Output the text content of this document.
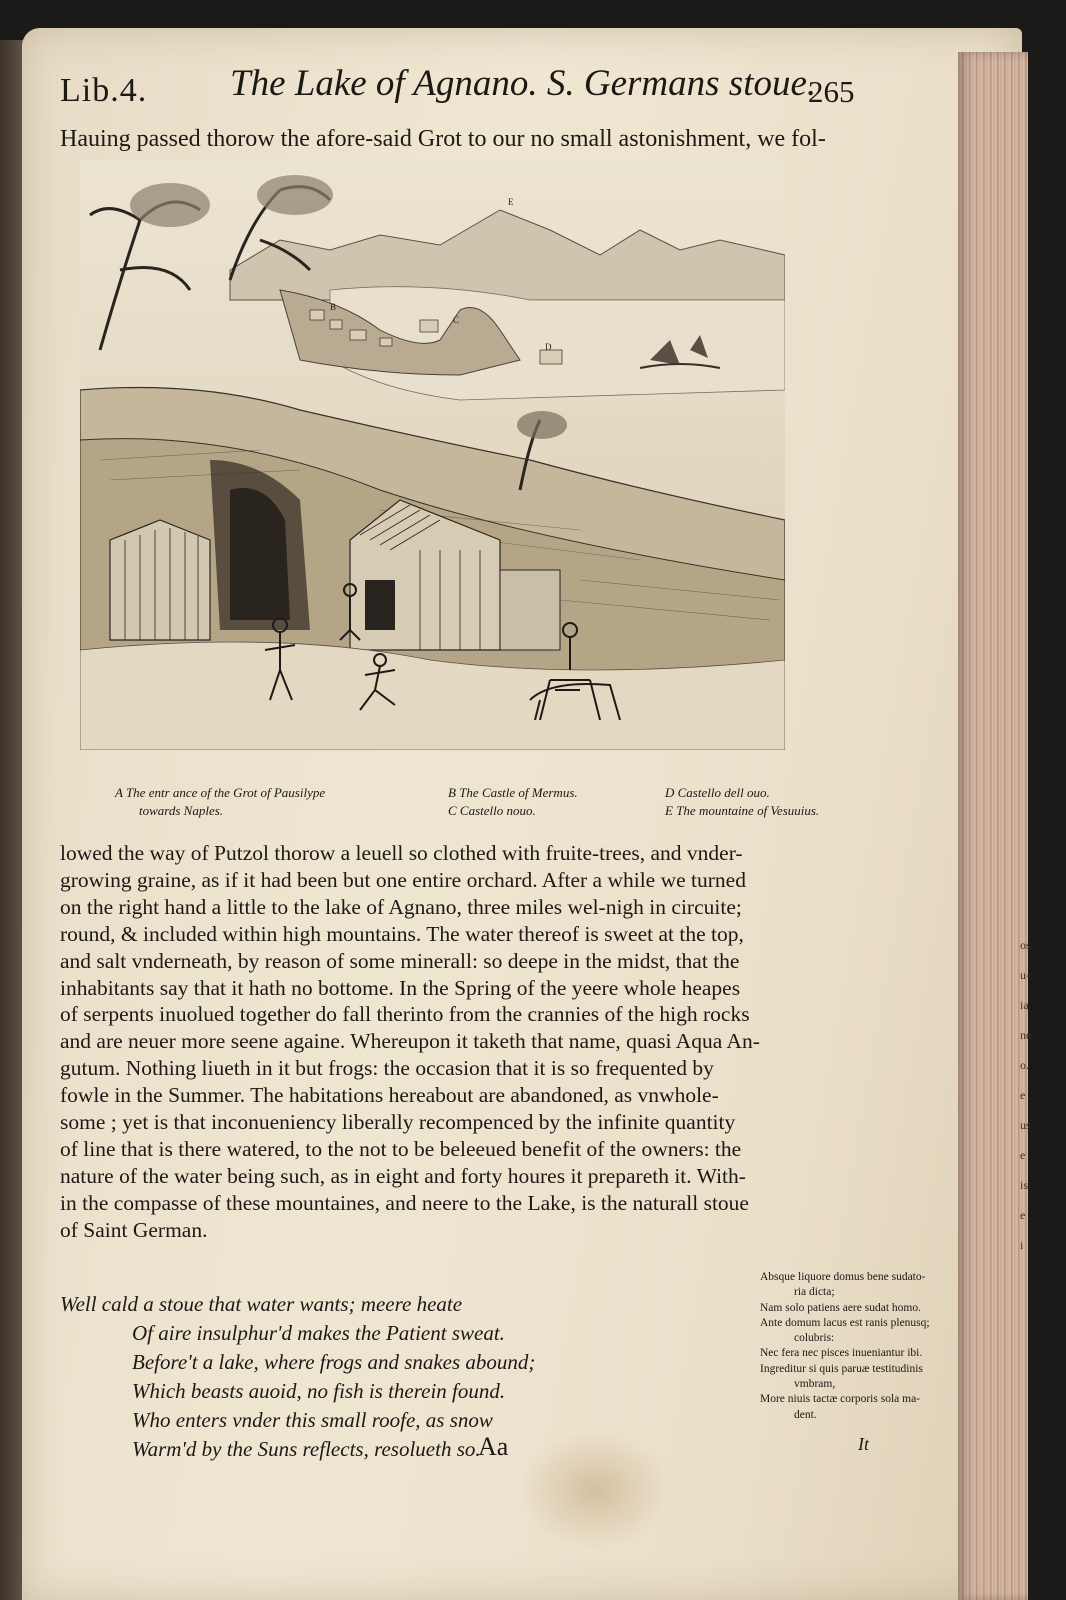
Lib.4. The Lake of Agnano. S. Germans stoue.
265
Hauing passed thorow the afore-said Grot to our no small astonishment, we fol-
E
C
D
A
B
A The entr ance of the Grot of Pausilype
towards Naples.
B The Castle of Mermus.
C Castello nouo.
D Castello dell ouo.
E The mountaine of Vesuuius.
lowed the way of Putzol thorow a leuell so clothed with fruite-trees, and vnder-
growing graine, as if it had been but one entire orchard. After a while we turned
on the right hand a little to the lake of Agnano, three miles wel-nigh in circuite;
round, & included within high mountains. The water thereof is sweet at the top,
and salt vnderneath, by reason of some minerall: so deepe in the midst, that the
inhabitants say that it hath no bottome. In the Spring of the yeere whole heapes
of serpents inuolued together do fall therinto from the crannies of the high rocks
and are neuer more seene againe. Whereupon it taketh that name, quasi Aqua An-
gutum. Nothing liueth in it but frogs: the occasion that it is so frequented by
fowle in the Summer. The habitations hereabout are abandoned, as vnwhole-
some ; yet is that inconueniency liberally recompenced by the infinite quantity
of line that is there watered, to the not to be beleeued benefit of the owners: the
nature of the water being such, as in eight and forty houres it prepareth it. With-
in the compasse of these mountaines, and neere to the Lake, is the naturall stoue
of Saint German.
Well cald a stoue that water wants; meere heate
Of aire insulphur'd makes the Patient sweat.
Before't a lake, where frogs and snakes abound;
Which beasts auoid, no fish is therein found.
Who enters vnder this small roofe, as snow
Warm'd by the Suns reflects, resolueth so.
Absque liquore domus bene sudato-
ria dicta;
Nam solo patiens aere sudat homo.
Ante domum lacus est ranis plenusq;
colubris:
Nec fera nec pisces inueniantur ibi.
Ingreditur si quis paruæ testitudinis
vmbram,
More niuis tactæ corporis sola ma-
dent.
Aa	It
os
u-
ia
ne
o.
e
us
e
is
e
i
